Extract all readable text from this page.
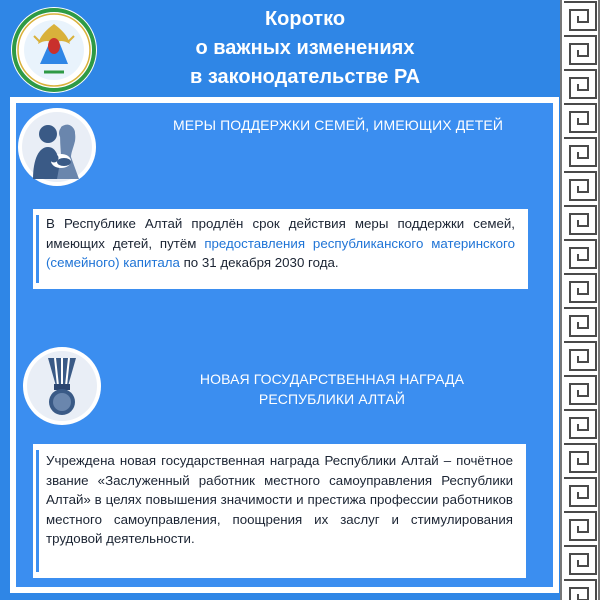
Коротко
о важных изменениях
в законодательстве РА
МЕРЫ ПОДДЕРЖКИ СЕМЕЙ, ИМЕЮЩИХ ДЕТЕЙ
В Республике Алтай продлён срок действия меры поддержки семей, имеющих детей, путём предоставления республиканского материнского (семейного) капитала по 31 декабря 2030 года.
НОВАЯ ГОСУДАРСТВЕННАЯ НАГРАДА
РЕСПУБЛИКИ АЛТАЙ
Учреждена новая государственная награда Республики Алтай – почётное звание «Заслуженный работник местного самоуправления Республики Алтай» в целях повышения значимости и престижа профессии работников местного самоуправления, поощрения их заслуг и стимулирования трудовой деятельности.
